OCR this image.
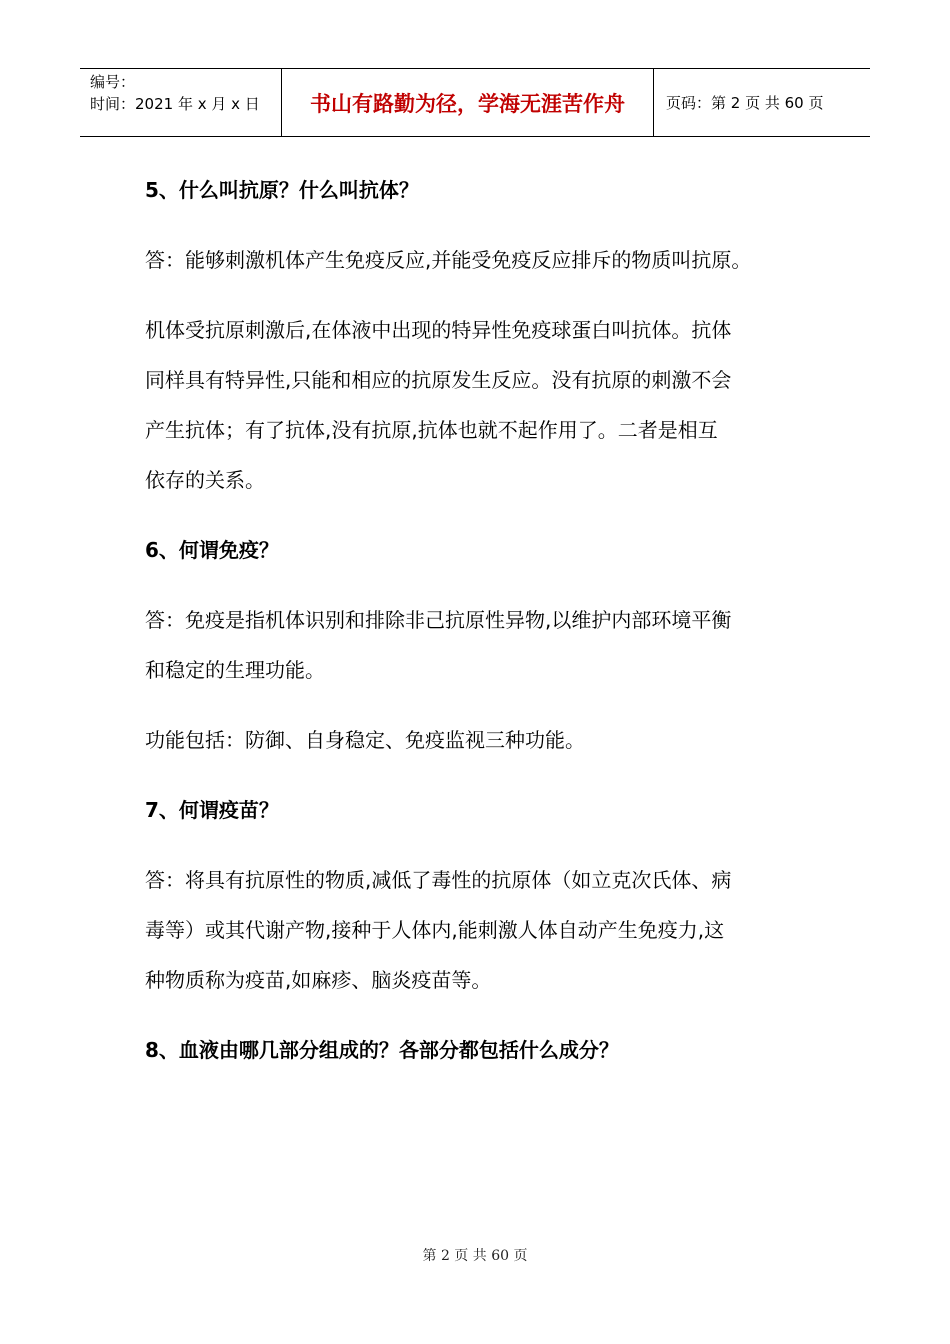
编号：
时间：2021 年 x 月 x 日	书山有路勤为径，学海无涯苦作舟	页码：第 2 页 共 60 页

5、什么叫抗原？什么叫抗体？

答：能够刺激机体产生免疫反应,并能受免疫反应排斥的物质叫抗原。

机体受抗原刺激后,在体液中出现的特异性免疫球蛋白叫抗体。抗体

同样具有特异性,只能和相应的抗原发生反应。没有抗原的刺激不会

产生抗体；有了抗体,没有抗原,抗体也就不起作用了。二者是相互

依存的关系。

6、何谓免疫？

答：免疫是指机体识别和排除非己抗原性异物,以维护内部环境平衡

和稳定的生理功能。

功能包括：防御、自身稳定、免疫监视三种功能。

7、何谓疫苗？

答：将具有抗原性的物质,减低了毒性的抗原体（如立克次氏体、病

毒等）或其代谢产物,接种于人体内,能刺激人体自动产生免疫力,这

种物质称为疫苗,如麻疹、脑炎疫苗等。

8、血液由哪几部分组成的？各部分都包括什么成分？

第 2 页 共 60 页
